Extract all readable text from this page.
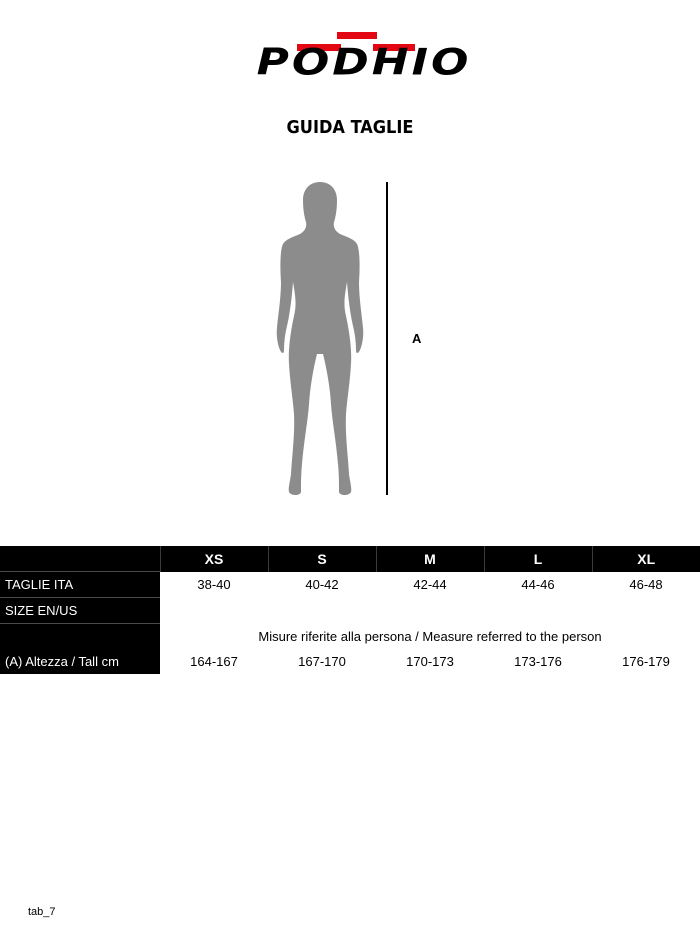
PODHIO
GUIDA TAGLIE
A
	XS	S	M	L	XL
TAGLIE ITA	38-40	40-42	42-44	44-46	46-48
SIZE EN/US					
	Misure riferite alla persona / Measure referred to the person				
(A) Altezza / Tall cm	164-167	167-170	170-173	173-176	176-179
tab_7
